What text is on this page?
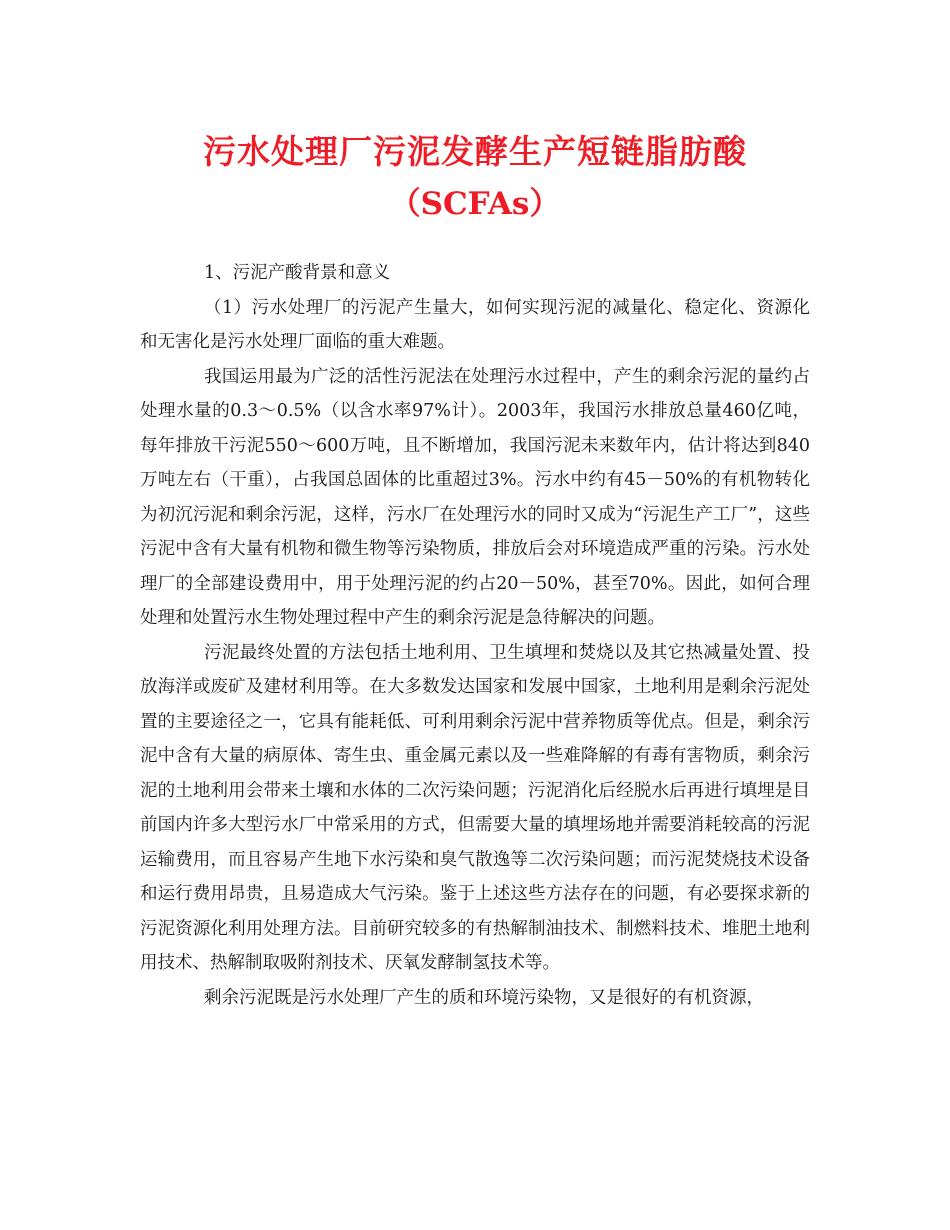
污水处理厂污泥发酵生产短链脂肪酸
（SCFAs）

1、污泥产酸背景和意义

（1）污水处理厂的污泥产生量大，如何实现污泥的减量化、稳定化、资源化和无害化是污水处理厂面临的重大难题。

我国运用最为广泛的活性污泥法在处理污水过程中，产生的剩余污泥的量约占处理水量的0.3～0.5%（以含水率97%计）。2003年，我国污水排放总量460亿吨，每年排放干污泥550～600万吨，且不断增加，我国污泥未来数年内，估计将达到840万吨左右（干重），占我国总固体的比重超过3%。污水中约有45－50%的有机物转化为初沉污泥和剩余污泥，这样，污水厂在处理污水的同时又成为“污泥生产工厂”，这些污泥中含有大量有机物和微生物等污染物质，排放后会对环境造成严重的污染。污水处理厂的全部建设费用中，用于处理污泥的约占20－50%，甚至70%。因此，如何合理处理和处置污水生物处理过程中产生的剩余污泥是急待解决的问题。

污泥最终处置的方法包括土地利用、卫生填埋和焚烧以及其它热减量处置、投放海洋或废矿及建材利用等。在大多数发达国家和发展中国家，土地利用是剩余污泥处置的主要途径之一，它具有能耗低、可利用剩余污泥中营养物质等优点。但是，剩余污泥中含有大量的病原体、寄生虫、重金属元素以及一些难降解的有毒有害物质，剩余污泥的土地利用会带来土壤和水体的二次污染问题；污泥消化后经脱水后再进行填埋是目前国内许多大型污水厂中常采用的方式，但需要大量的填埋场地并需要消耗较高的污泥运输费用，而且容易产生地下水污染和臭气散逸等二次污染问题；而污泥焚烧技术设备和运行费用昂贵，且易造成大气污染。鉴于上述这些方法存在的问题，有必要探求新的污泥资源化利用处理方法。目前研究较多的有热解制油技术、制燃料技术、堆肥土地利用技术、热解制取吸附剂技术、厌氧发酵制氢技术等。

剩余污泥既是污水处理厂产生的质和环境污染物，又是很好的有机资源，
